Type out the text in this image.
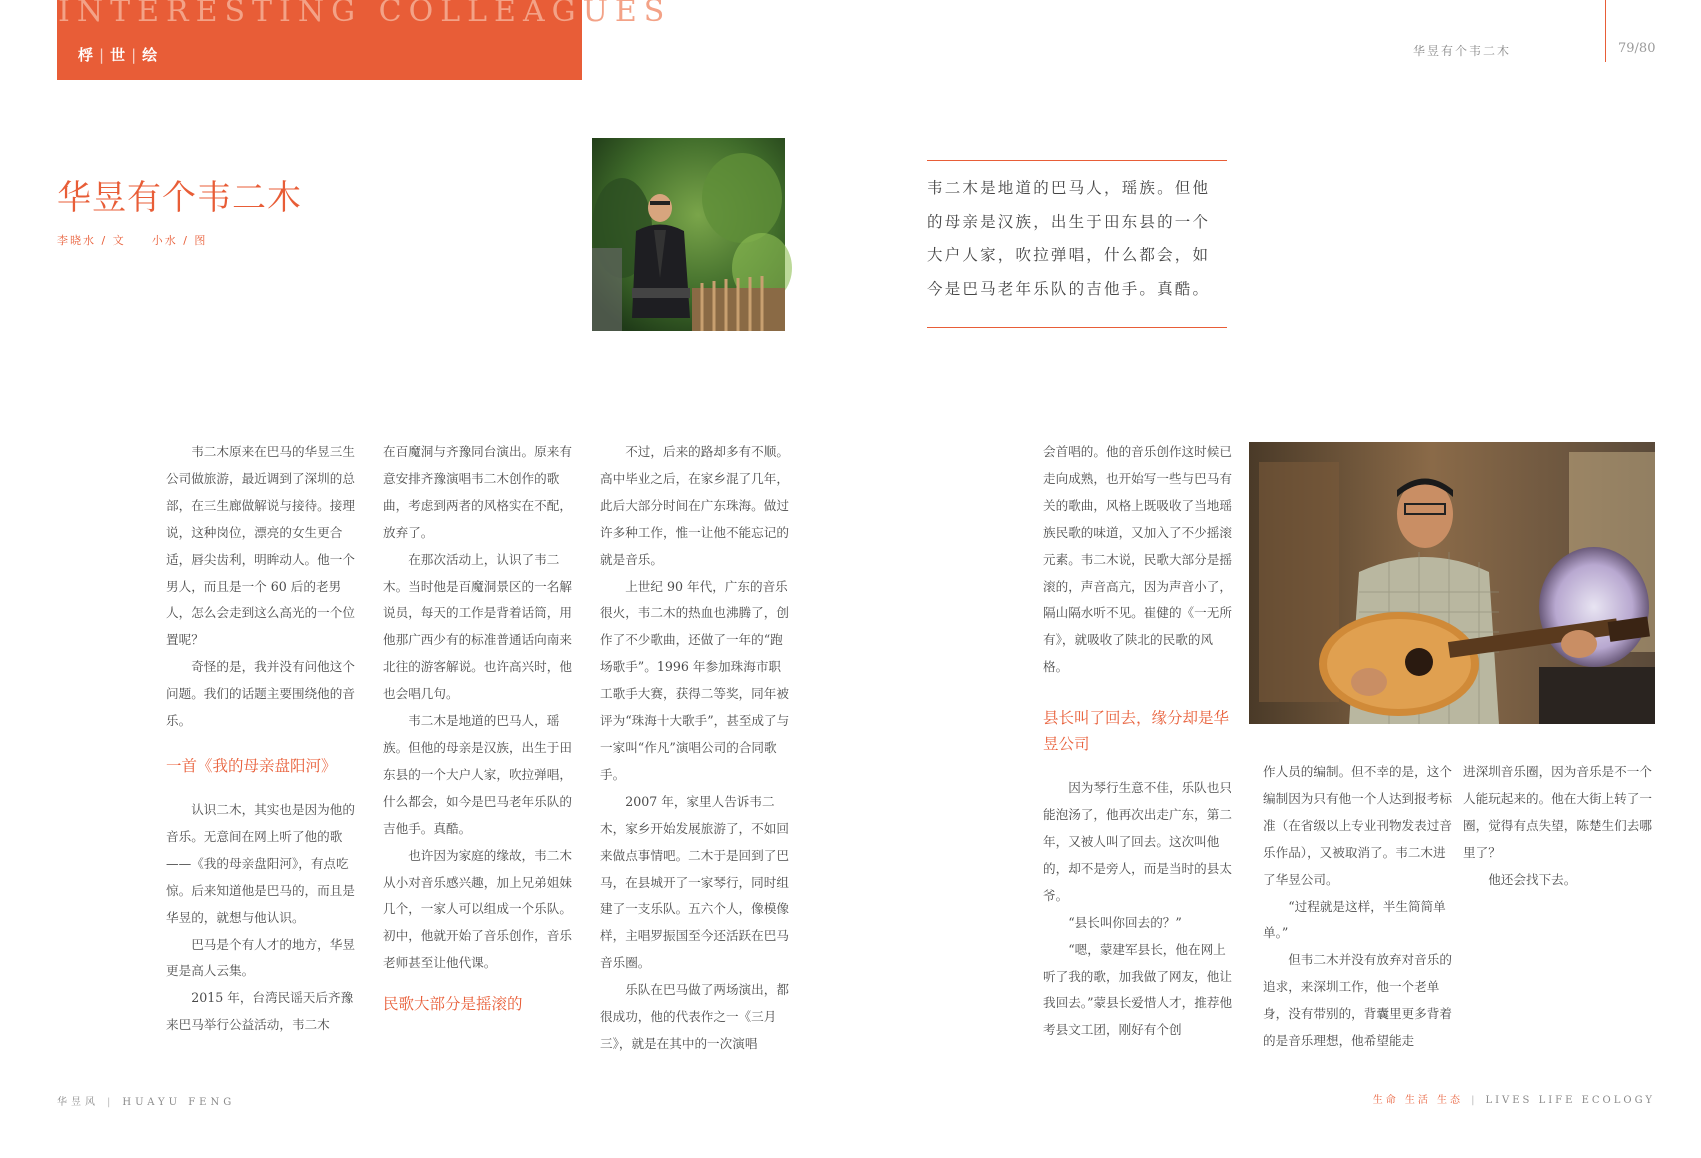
INTERESTING COLLEAGUES
桴 | 世 | 绘	华昱有个韦二木	79/80
华昱有个韦二木
李晓水 / 文 小水 / 图
韦二木是地道的巴马人，瑶族。但他的母亲是汉族，出生于田东县的一个大户人家，吹拉弹唱，什么都会，如今是巴马老年乐队的吉他手。真酷。

韦二木原来在巴马的华昱三生公司做旅游，最近调到了深圳的总部，在三生廊做解说与接待。接理说，这种岗位，漂亮的女生更合适，唇尖齿利，明眸动人。他一个男人，而且是一个 60 后的老男人，怎么会走到这么高光的一个位置呢？

奇怪的是，我并没有问他这个问题。我们的话题主要围绕他的音乐。

一首《我的母亲盘阳河》

认识二木，其实也是因为他的音乐。无意间在网上听了他的歌——《我的母亲盘阳河》，有点吃惊。后来知道他是巴马的，而且是华昱的，就想与他认识。

巴马是个有人才的地方，华昱更是高人云集。

2015 年，台湾民谣天后齐豫来巴马举行公益活动，韦二木

在百魔洞与齐豫同台演出。原来有意安排齐豫演唱韦二木创作的歌曲，考虑到两者的风格实在不配，放弃了。

在那次活动上，认识了韦二木。当时他是百魔洞景区的一名解说员，每天的工作是背着话筒，用他那广西少有的标准普通话向南来北往的游客解说。也许高兴时，他也会唱几句。

韦二木是地道的巴马人，瑶族。但他的母亲是汉族，出生于田东县的一个大户人家，吹拉弹唱，什么都会，如今是巴马老年乐队的吉他手。真酷。

也许因为家庭的缘故，韦二木从小对音乐感兴趣，加上兄弟姐妹几个，一家人可以组成一个乐队。初中，他就开始了音乐创作，音乐老师甚至让他代课。

民歌大部分是摇滚的

不过，后来的路却多有不顺。高中毕业之后，在家乡混了几年，此后大部分时间在广东珠海。做过许多种工作，惟一让他不能忘记的就是音乐。

上世纪 90 年代，广东的音乐很火，韦二木的热血也沸腾了，创作了不少歌曲，还做了一年的“跑场歌手”。1996 年参加珠海市职工歌手大赛，获得二等奖，同年被评为“珠海十大歌手”，甚至成了与一家叫“作凡”演唱公司的合同歌手。

2007 年，家里人告诉韦二木，家乡开始发展旅游了，不如回来做点事情吧。二木于是回到了巴马，在县城开了一家琴行，同时组建了一支乐队。五六个人，像模像样，主唱罗振国至今还活跃在巴马音乐圈。

乐队在巴马做了两场演出，都很成功，他的代表作之一《三月三》，就是在其中的一次演唱

会首唱的。他的音乐创作这时候已走向成熟，也开始写一些与巴马有关的歌曲，风格上既吸收了当地瑶族民歌的味道，又加入了不少摇滚元素。韦二木说，民歌大部分是摇滚的，声音高亢，因为声音小了，隔山隔水听不见。崔健的《一无所有》，就吸收了陕北的民歌的风格。

县长叫了回去，缘分却是华昱公司

因为琴行生意不佳，乐队也只能泡汤了，他再次出走广东，第二年，又被人叫了回去。这次叫他的，却不是旁人，而是当时的县太爷。

“县长叫你回去的？”

“嗯，蒙建军县长，他在网上听了我的歌，加我做了网友，他让我回去。”蒙县长爱惜人才，推荐他考县文工团，刚好有个创

作人员的编制。但不幸的是，这个编制因为只有他一个人达到报考标准（在省级以上专业刊物发表过音乐作品），又被取消了。韦二木进了华昱公司。

“过程就是这样，半生简简单单。”

但韦二木并没有放弃对音乐的追求，来深圳工作，他一个老单身，没有带别的，背囊里更多背着的是音乐理想，他希望能走

进深圳音乐圈，因为音乐是不一个人能玩起来的。他在大街上转了一圈，觉得有点失望，陈楚生们去哪里了？

他还会找下去。

华昱风 | HUAYU FENG	生命 生活 生态 | LIVES LIFE ECOLOGY
